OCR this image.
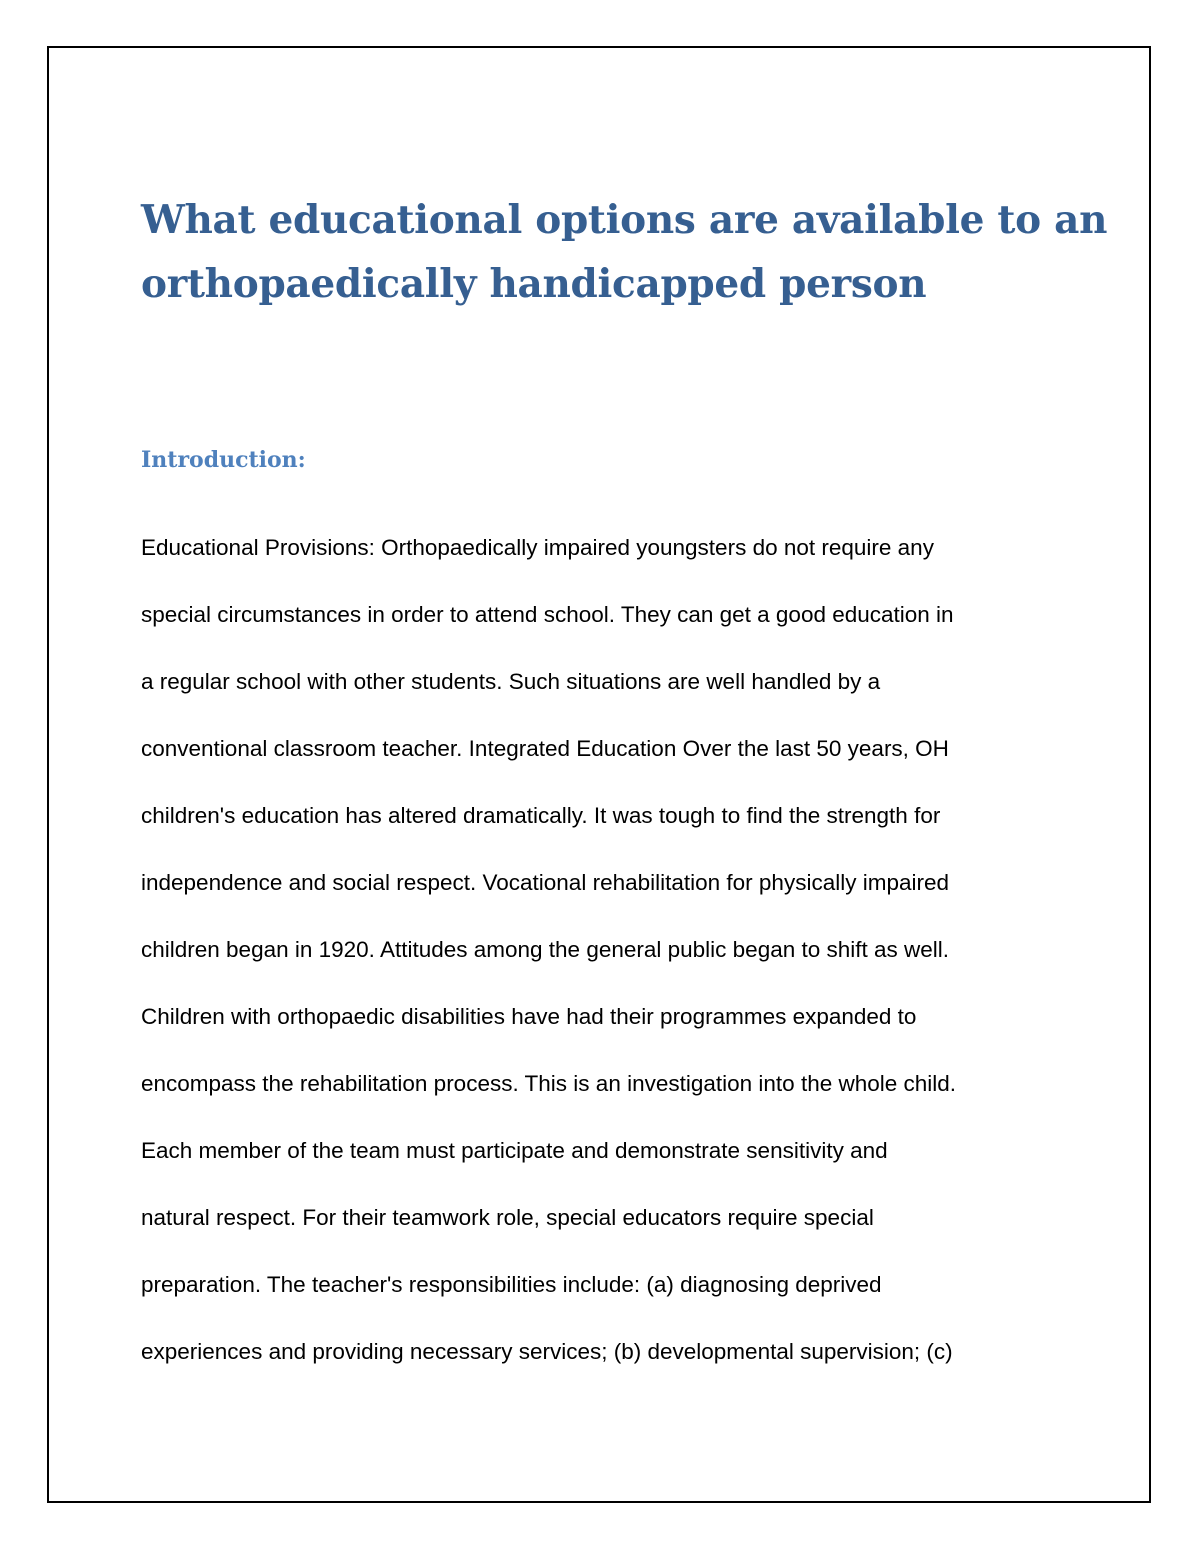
What educational options are available to an orthopaedically handicapped person
Introduction:

Educational Provisions: Orthopaedically impaired youngsters do not require any

special circumstances in order to attend school. They can get a good education in

a regular school with other students. Such situations are well handled by a

conventional classroom teacher. Integrated Education Over the last 50 years, OH

children's education has altered dramatically. It was tough to find the strength for

independence and social respect. Vocational rehabilitation for physically impaired

children began in 1920. Attitudes among the general public began to shift as well.

Children with orthopaedic disabilities have had their programmes expanded to

encompass the rehabilitation process. This is an investigation into the whole child.

Each member of the team must participate and demonstrate sensitivity and

natural respect. For their teamwork role, special educators require special

preparation. The teacher's responsibilities include: (a) diagnosing deprived

experiences and providing necessary services; (b) developmental supervision; (c)
